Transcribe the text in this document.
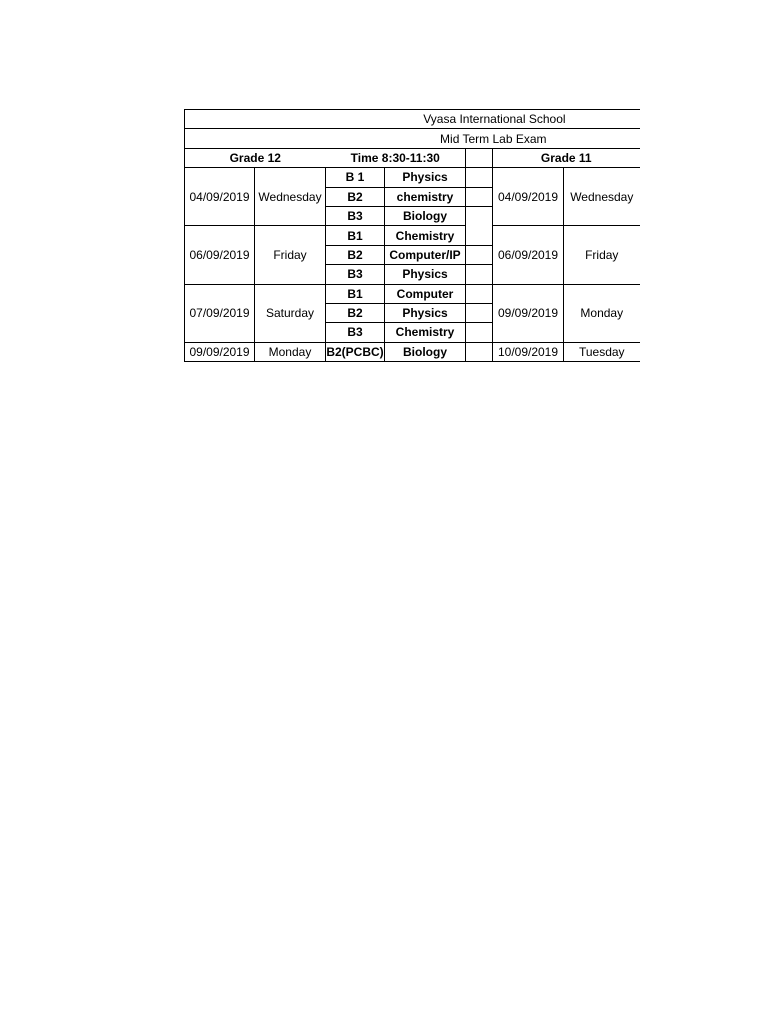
Vyasa International School						
Mid Term Lab Exam						
Grade 12		Time 8:30-11:30			Grade 11	
04/09/2019	Wednesday	B 1	Physics		04/09/2019	Wednesday
		B2	chemistry			
		B3	Biology			
06/09/2019	Friday	B1	Chemistry		06/09/2019	Friday
		B2	Computer/IP			
		B3	Physics			
07/09/2019	Saturday	B1	Computer		09/09/2019	Monday
		B2	Physics			
		B3	Chemistry			
09/09/2019	Monday	B2(PCBC)	Biology		10/09/2019	Tuesday
